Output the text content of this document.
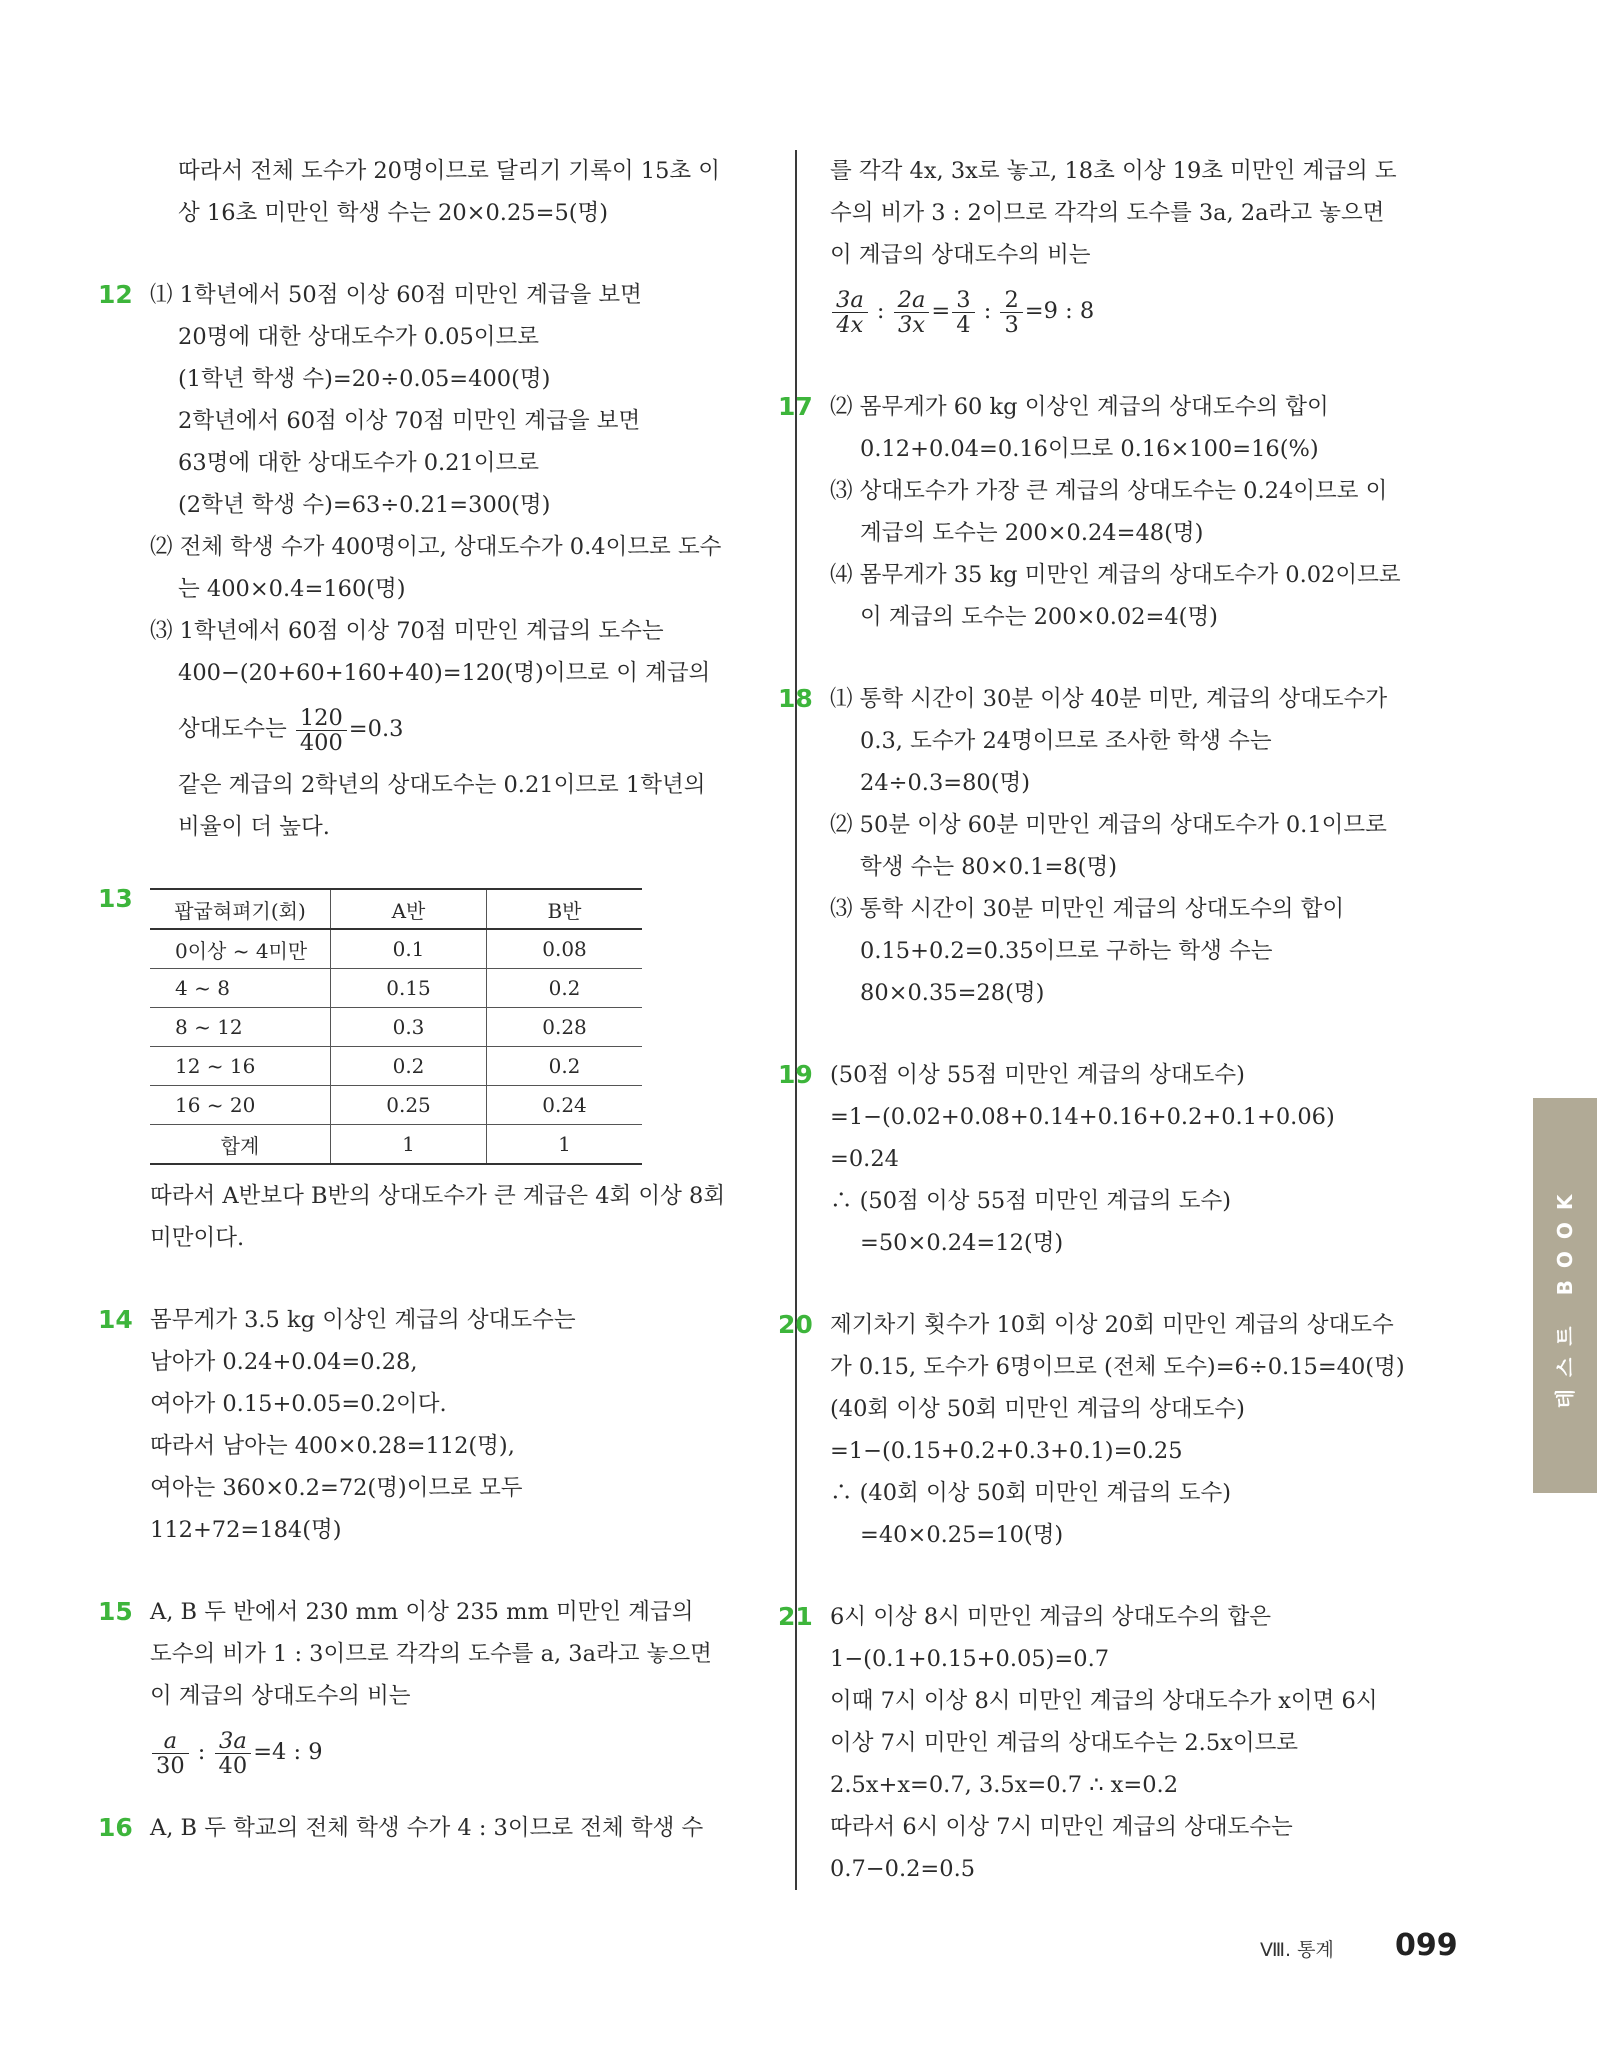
따라서 전체 도수가 20명이므로 달리기 기록이 15초 이
상 16초 미만인 학생 수는 20×0.25=5(명)
12 ⑴ 1학년에서 50점 이상 60점 미만인 계급을 보면
20명에 대한 상대도수가 0.05이므로
(1학년 학생 수)=20÷0.05=400(명)
2학년에서 60점 이상 70점 미만인 계급을 보면
63명에 대한 상대도수가 0.21이므로
(2학년 학생 수)=63÷0.21=300(명)
⑵ 전체 학생 수가 400명이고, 상대도수가 0.4이므로 도수
는 400×0.4=160(명)
⑶ 1학년에서 60점 이상 70점 미만인 계급의 도수는
400−(20+60+160+40)=120(명)이므로 이 계급의
상대도수는 $\frac{120}{400} =0.3$
같은 계급의 2학년의 상대도수는 0.21이므로 1학년의
비율이 더 높다.
13 팝굽혀펴기(회)	A반	B반
0이상 ~ 4미만	0.1	0.08
4 ~ 8	0.15	0.2
8 ~ 12	0.3	0.28
12 ~ 16	0.2	0.2
16 ~ 20	0.25	0.24
합계	1	1
따라서 A반보다 B반의 상대도수가 큰 계급은 4회 이상 8회
미만이다.
14 몸무게가 3.5 kg 이상인 계급의 상대도수는
남아가 0.24+0.04=0.28,
여아가 0.15+0.05=0.2이다.
따라서 남아는 400×0.28=112(명),
여아는 360×0.2=72(명)이므로 모두
112+72=184(명)
15 A, B 두 반에서 230 mm 이상 235 mm 미만인 계급의
도수의 비가 1 : 3이므로 각각의 도수를 a, 3a라고 놓으면
이 계급의 상대도수의 비는
$\frac{a}{30}$ : $\frac{3a}{40} =4$ : 9
16 A, B 두 학교의 전체 학생 수가 4 : 3이므로 전체 학생 수
를 각각 4x, 3x로 놓고, 18초 이상 19초 미만인 계급의 도
수의 비가 3 : 2이므로 각각의 도수를 3a, 2a라고 놓으면
이 계급의 상대도수의 비는
$\frac{3a}{4x}$ : $\frac{2a}{3x} = \frac{3}{4}$ : $\frac{2}{3} =9$ : 8
17 ⑵ 몸무게가 60 kg 이상인 계급의 상대도수의 합이
0.12+0.04=0.16이므로 0.16×100=16(%)
⑶ 상대도수가 가장 큰 계급의 상대도수는 0.24이므로 이
계급의 도수는 200×0.24=48(명)
⑷ 몸무게가 35 kg 미만인 계급의 상대도수가 0.02이므로
이 계급의 도수는 200×0.02=4(명)
18 ⑴ 통학 시간이 30분 이상 40분 미만, 계급의 상대도수가
0.3, 도수가 24명이므로 조사한 학생 수는
24÷0.3=80(명)
⑵ 50분 이상 60분 미만인 계급의 상대도수가 0.1이므로
학생 수는 80×0.1=8(명)
⑶ 통학 시간이 30분 미만인 계급의 상대도수의 합이
0.15+0.2=0.35이므로 구하는 학생 수는
80×0.35=28(명)
19 (50점 이상 55점 미만인 계급의 상대도수)
=1−(0.02+0.08+0.14+0.16+0.2+0.1+0.06)
=0.24
∴ (50점 이상 55점 미만인 계급의 도수)
=50×0.24=12(명)
20 제기차기 횟수가 10회 이상 20회 미만인 계급의 상대도수
가 0.15, 도수가 6명이므로 (전체 도수)=6÷0.15=40(명)
(40회 이상 50회 미만인 계급의 상대도수)
=1−(0.15+0.2+0.3+0.1)=0.25
∴ (40회 이상 50회 미만인 계급의 도수)
=40×0.25=10(명)
21 6시 이상 8시 미만인 계급의 상대도수의 합은
1−(0.1+0.15+0.05)=0.7
이때 7시 이상 8시 미만인 계급의 상대도수가 x이면 6시
이상 7시 미만인 계급의 상대도수는 2.5x이므로
2.5x+x=0.7, 3.5x=0.7 ∴ x=0.2
따라서 6시 이상 7시 미만인 계급의 상대도수는
0.7−0.2=0.5
테스트 BOOK
Ⅷ. 통계 099
